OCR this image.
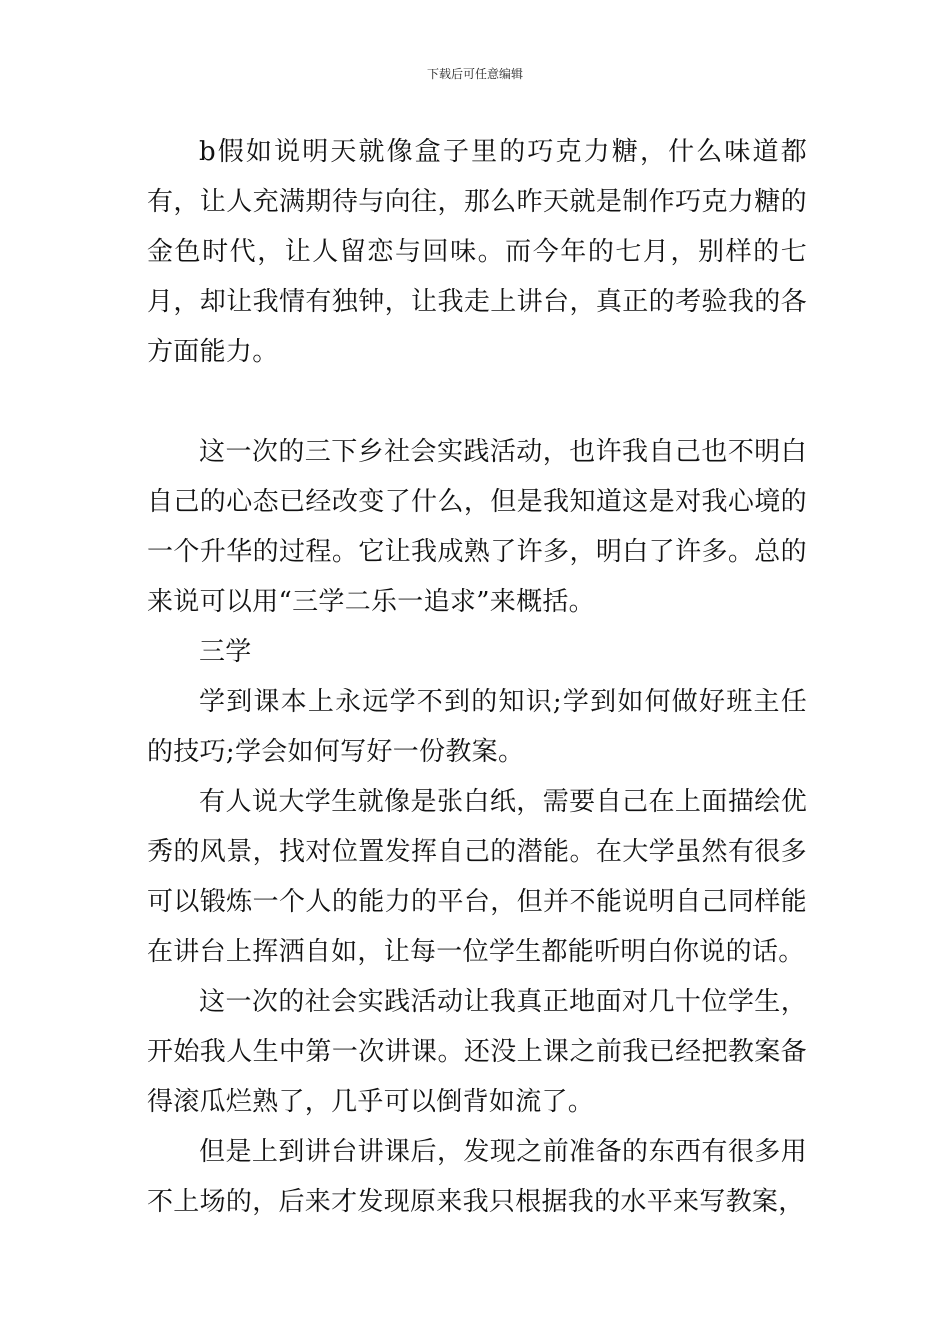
下载后可任意编辑

b假如说明天就像盒子里的巧克力糖，什么味道都有，让人充满期待与向往，那么昨天就是制作巧克力糖的金色时代，让人留恋与回味。而今年的七月，别样的七月，却让我情有独钟，让我走上讲台，真正的考验我的各方面能力。

这一次的三下乡社会实践活动，也许我自己也不明白自己的心态已经改变了什么，但是我知道这是对我心境的一个升华的过程。它让我成熟了许多，明白了许多。总的来说可以用“三学二乐一追求”来概括。

三学

学到课本上永远学不到的知识;学到如何做好班主任的技巧;学会如何写好一份教案。

有人说大学生就像是张白纸，需要自己在上面描绘优秀的风景，找对位置发挥自己的潜能。在大学虽然有很多可以锻炼一个人的能力的平台，但并不能说明自己同样能在讲台上挥洒自如，让每一位学生都能听明白你说的话。

这一次的社会实践活动让我真正地面对几十位学生，开始我人生中第一次讲课。还没上课之前我已经把教案备得滚瓜烂熟了，几乎可以倒背如流了。

但是上到讲台讲课后，发现之前准备的东西有很多用不上场的，后来才发现原来我只根据我的水平来写教案，
